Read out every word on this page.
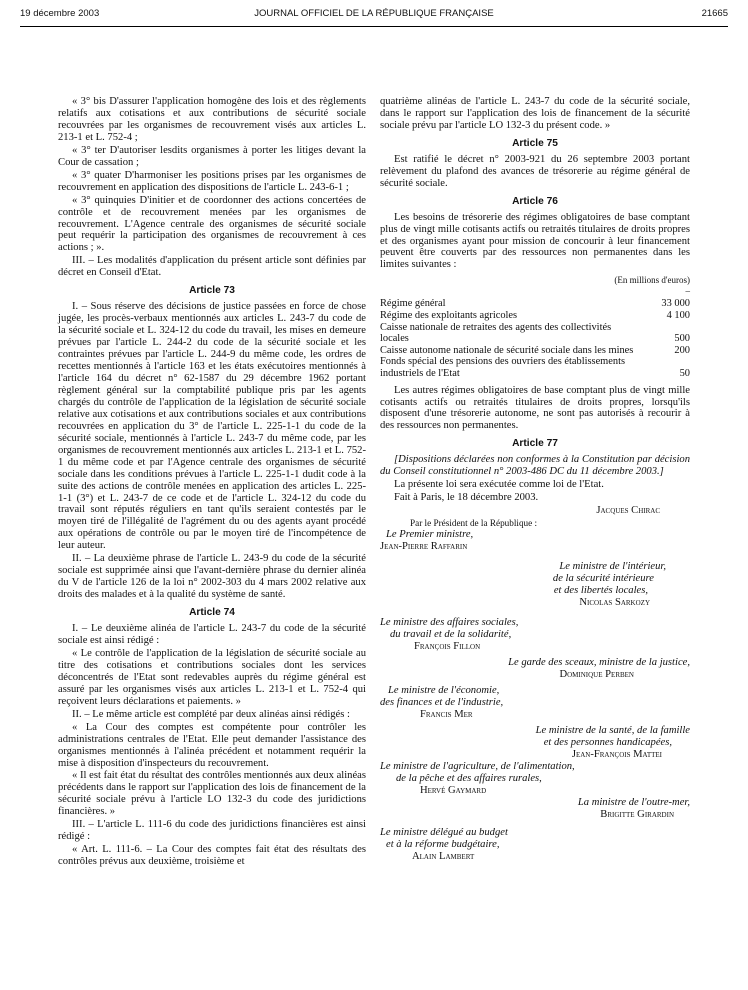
19 décembre 2003	JOURNAL OFFICIEL DE LA RÉPUBLIQUE FRANÇAISE	21665

« 3° bis D'assurer l'application homogène des lois et des règlements relatifs aux cotisations et aux contributions de sécurité sociale recouvrées par les organismes de recouvrement visés aux articles L. 213-1 et L. 752-4 ;

« 3° ter D'autoriser lesdits organismes à porter les litiges devant la Cour de cassation ;

« 3° quater D'harmoniser les positions prises par les organismes de recouvrement en application des dispositions de l'article L. 243-6-1 ;

« 3° quinquies D'initier et de coordonner des actions concertées de contrôle et de recouvrement menées par les organismes de recouvrement. L'Agence centrale des organismes de sécurité sociale peut requérir la participation des organismes de recouvrement à ces actions ; ».

III. – Les modalités d'application du présent article sont définies par décret en Conseil d'Etat.

Article 73

I. – Sous réserve des décisions de justice passées en force de chose jugée, les procès-verbaux mentionnés aux articles L. 243-7 du code de la sécurité sociale et L. 324-12 du code du travail, les mises en demeure prévues par l'article L. 244-2 du code de la sécurité sociale et les contraintes prévues par l'article L. 244-9 du même code, les ordres de recettes mentionnés à l'article 163 et les états exécutoires mentionnés à l'article 164 du décret n° 62-1587 du 29 décembre 1962 portant règlement général sur la comptabilité publique pris par les agents chargés du contrôle de l'application de la législation de sécurité sociale relative aux cotisations et aux contributions sociales et aux contributions recouvrées en application du 3° de l'article L. 225-1-1 du code de la sécurité sociale, mentionnés à l'article L. 243-7 du même code, par les organismes de recouvrement mentionnés aux articles L. 213-1 et L. 752-1 du même code et par l'Agence centrale des organismes de sécurité sociale dans les conditions prévues à l'article L. 225-1-1 dudit code à la suite des actions de contrôle menées en application des articles L. 225-1-1 (3°) et L. 243-7 de ce code et de l'article L. 324-12 du code du travail sont réputés réguliers en tant qu'ils seraient contestés par le moyen tiré de l'illégalité de l'agrément du ou des agents ayant procédé aux opérations de contrôle ou par le moyen tiré de l'incompétence de leur auteur.

II. – La deuxième phrase de l'article L. 243-9 du code de la sécurité sociale est supprimée ainsi que l'avant-dernière phrase du dernier alinéa du V de l'article 126 de la loi n° 2002-303 du 4 mars 2002 relative aux droits des malades et à la qualité du système de santé.

Article 74

I. – Le deuxième alinéa de l'article L. 243-7 du code de la sécurité sociale est ainsi rédigé :

« Le contrôle de l'application de la législation de sécurité sociale au titre des cotisations et contributions sociales dont les services déconcentrés de l'Etat sont redevables auprès du régime général est assuré par les organismes visés aux articles L. 213-1 et L. 752-4 qui reçoivent leurs déclarations et paiements. »

II. – Le même article est complété par deux alinéas ainsi rédigés :

« La Cour des comptes est compétente pour contrôler les administrations centrales de l'Etat. Elle peut demander l'assistance des organismes mentionnés à l'alinéa précédent et notamment requérir la mise à disposition d'inspecteurs du recouvrement.

« Il est fait état du résultat des contrôles mentionnés aux deux alinéas précédents dans le rapport sur l'application des lois de financement de la sécurité sociale prévu à l'article LO 132-3 du code des juridictions financières. »

III. – L'article L. 111-6 du code des juridictions financières est ainsi rédigé :

« Art. L. 111-6. – La Cour des comptes fait état des résultats des contrôles prévus aux deuxième, troisième et

quatrième alinéas de l'article L. 243-7 du code de la sécurité sociale, dans le rapport sur l'application des lois de financement de la sécurité sociale prévu par l'article LO 132-3 du présent code. »

Article 75

Est ratifié le décret n° 2003-921 du 26 septembre 2003 portant relèvement du plafond des avances de trésorerie au régime général de sécurité sociale.

Article 76

Les besoins de trésorerie des régimes obligatoires de base comptant plus de vingt mille cotisants actifs ou retraités titulaires de droits propres et des organismes ayant pour mission de concourir à leur financement peuvent être couverts par des ressources non permanentes dans les limites suivantes :

(En millions d'euros)
–
Régime général	33 000
Régime des exploitants agricoles	4 100
Caisse nationale de retraites des agents des collectivités locales	500
Caisse autonome nationale de sécurité sociale dans les mines	200
Fonds spécial des pensions des ouvriers des établissements industriels de l'Etat	50

Les autres régimes obligatoires de base comptant plus de vingt mille cotisants actifs ou retraités titulaires de droits propres, lorsqu'ils disposent d'une trésorerie autonome, ne sont pas autorisés à recourir à des ressources non permanentes.

Article 77

[Dispositions déclarées non conformes à la Constitution par décision du Conseil constitutionnel n° 2003-486 DC du 11 décembre 2003.]

La présente loi sera exécutée comme loi de l'Etat.

Fait à Paris, le 18 décembre 2003.

Jacques Chirac
Par le Président de la République :
Le Premier ministre,
Jean-Pierre Raffarin
Le ministre de l'intérieur,
de la sécurité intérieure
et des libertés locales,
Nicolas Sarkozy
Le ministre des affaires sociales,
du travail et de la solidarité,
François Fillon
Le garde des sceaux, ministre de la justice,
Dominique Perben
Le ministre de l'économie,
des finances et de l'industrie,
Francis Mer
Le ministre de la santé, de la famille
et des personnes handicapées,
Jean-François Mattei
Le ministre de l'agriculture, de l'alimentation,
de la pêche et des affaires rurales,
Hervé Gaymard
La ministre de l'outre-mer,
Brigitte Girardin
Le ministre délégué au budget
et à la réforme budgétaire,
Alain Lambert
